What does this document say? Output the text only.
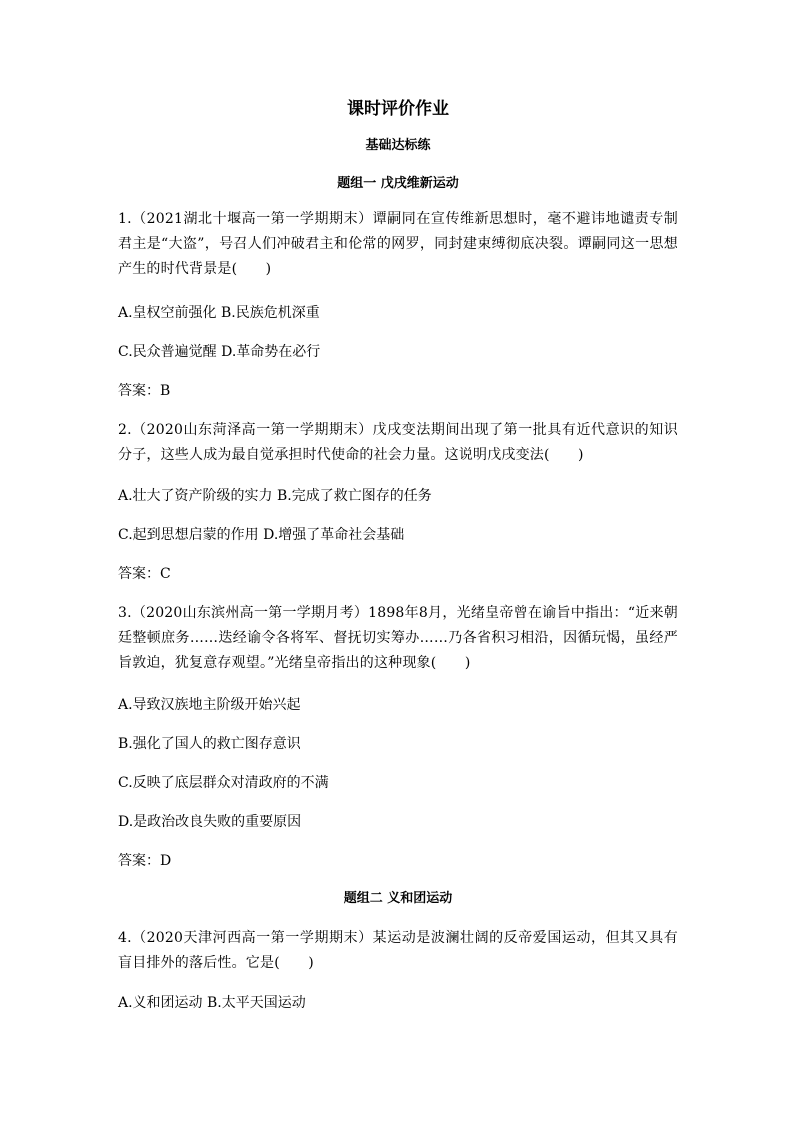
课时评价作业
基础达标练
题组一 戊戌维新运动
1.（2021湖北十堰高一第一学期期末）谭嗣同在宣传维新思想时，毫不避讳地谴责专制君主是“大盗”，号召人们冲破君主和伦常的网罗，同封建束缚彻底决裂。谭嗣同这一思想产生的时代背景是(　　)
A.皇权空前强化 B.民族危机深重
C.民众普遍觉醒 D.革命势在必行
答案：B
2.（2020山东菏泽高一第一学期期末）戊戌变法期间出现了第一批具有近代意识的知识分子，这些人成为最自觉承担时代使命的社会力量。这说明戊戌变法(　　)
A.壮大了资产阶级的实力 B.完成了救亡图存的任务
C.起到思想启蒙的作用 D.增强了革命社会基础
答案：C
3.（2020山东滨州高一第一学期月考）1898年8月，光绪皇帝曾在谕旨中指出：“近来朝廷整顿庶务……迭经谕令各将军、督抚切实筹办……乃各省积习相沿，因循玩愒，虽经严旨敦迫，犹复意存观望。”光绪皇帝指出的这种现象(　　)
A.导致汉族地主阶级开始兴起
B.强化了国人的救亡图存意识
C.反映了底层群众对清政府的不满
D.是政治改良失败的重要原因
答案：D
题组二 义和团运动
4.（2020天津河西高一第一学期期末）某运动是波澜壮阔的反帝爱国运动，但其又具有盲目排外的落后性。它是(　　)
A.义和团运动 B.太平天国运动
